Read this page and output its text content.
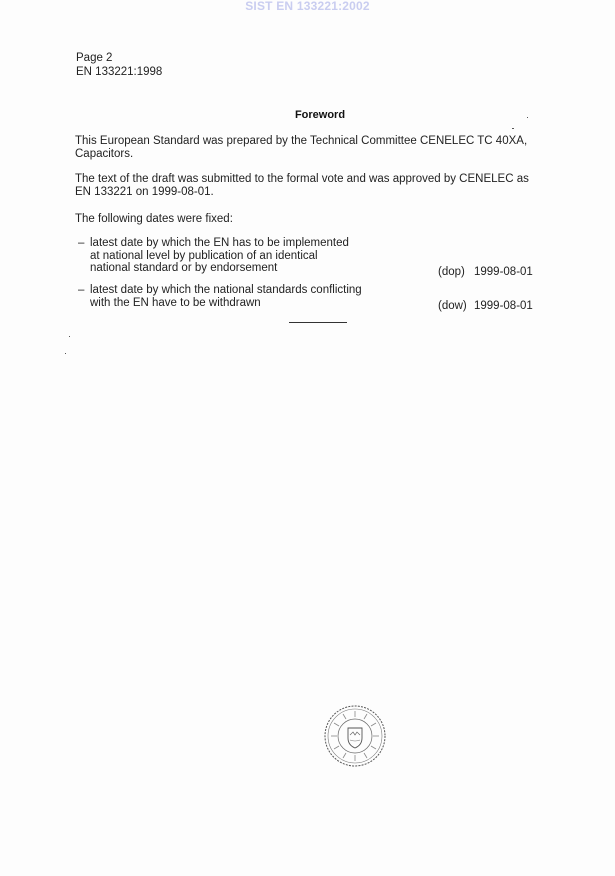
SIST EN 133221:2002
Page 2
EN 133221:1998
Foreword
This European Standard was prepared by the Technical Committee CENELEC TC 40XA,
Capacitors.
The text of the draft was submitted to the formal vote and was approved by CENELEC as
EN 133221 on 1999-08-01.
The following dates were fixed:
– latest date by which the EN has to be implemented
at national level by publication of an identical
national standard or by endorsement	(dop) 1999-08-01
– latest date by which the national standards conflicting
with the EN have to be withdrawn	(dow) 1999-08-01
